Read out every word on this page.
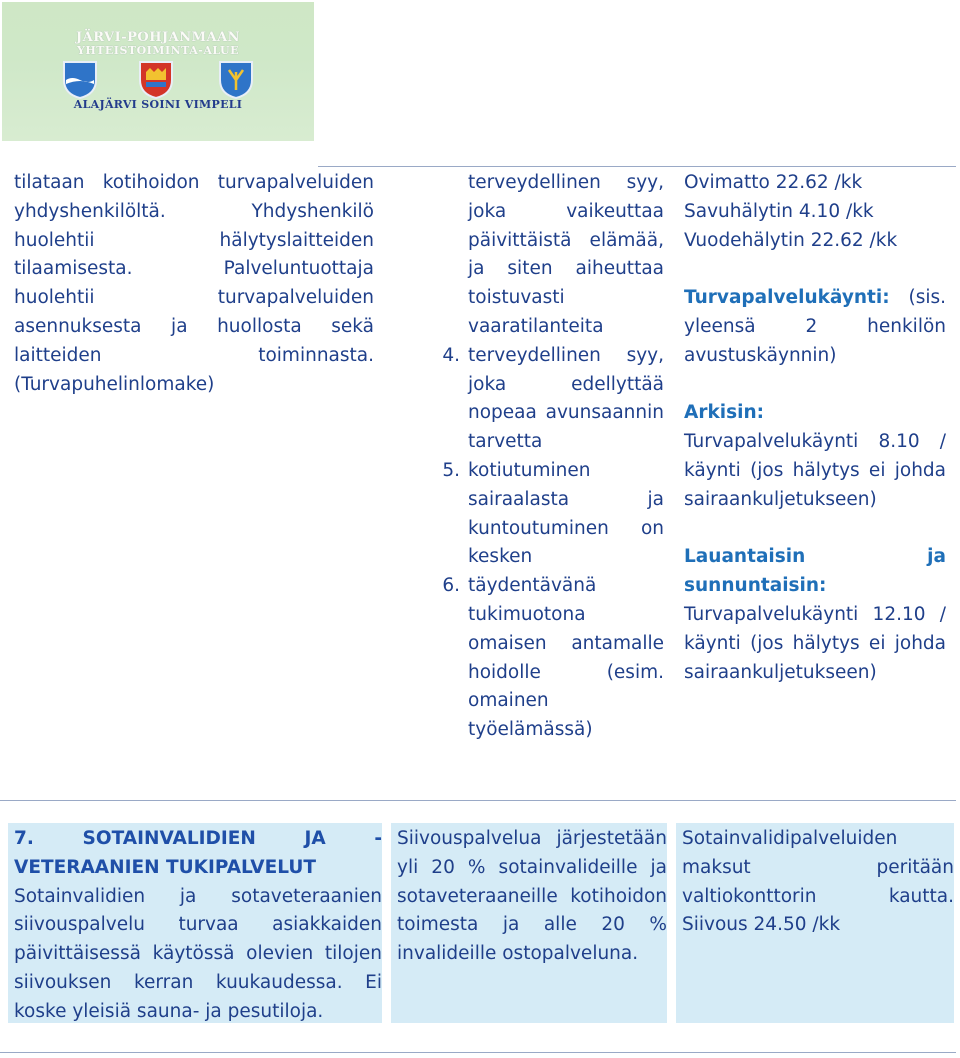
JÄRVI-POHJANMAAN
YHTEISTOIMINTA-ALUE
ALAJÄRVI SOINI VIMPELI

tilataan kotihoidon turvapalveluiden yhdyshenkilöltä. Yhdyshenkilö huolehtii hälytyslaitteiden tilaamisesta. Palveluntuottaja huolehtii turvapalveluiden asennuksesta ja huollosta sekä laitteiden toiminnasta. (Turvapuhelinlomake)

terveydellinen syy, joka vaikeuttaa päivittäistä elämää, ja siten aiheuttaa toistuvasti vaaratilanteita

4. terveydellinen syy, joka edellyttää nopeaa avunsaannin tarvetta
5. kotiutuminen sairaalasta ja kuntoutuminen on kesken
6. täydentävänä tukimuotona omaisen antamalle hoidolle (esim. omainen työelämässä)

Ovimatto 22.62 /kk

Savuhälytin 4.10 /kk

Vuodehälytin 22.62 /kk

Turvapalvelukäynti: (sis. yleensä 2 henkilön avustuskäynnin)

Arkisin:

Turvapalvelukäynti 8.10 / käynti (jos hälytys ei johda sairaankuljetukseen)

Lauantaisin ja sunnuntaisin:

Turvapalvelukäynti 12.10 / käynti (jos hälytys ei johda sairaankuljetukseen)

7. SOTAINVALIDIEN JA -VETERAANIEN TUKIPALVELUT

Sotainvalidien ja sotaveteraanien siivouspalvelu turvaa asiakkaiden päivittäisessä käytössä olevien tilojen siivouksen kerran kuukaudessa. Ei koske yleisiä sauna- ja pesutiloja.

Siivouspalvelua järjestetään yli 20 % sotainvalideille ja sotaveteraaneille kotihoidon toimesta ja alle 20 % invalideille ostopalveluna.

Sotainvalidipalveluiden maksut peritään valtiokonttorin kautta. Siivous 24.50 /kk
